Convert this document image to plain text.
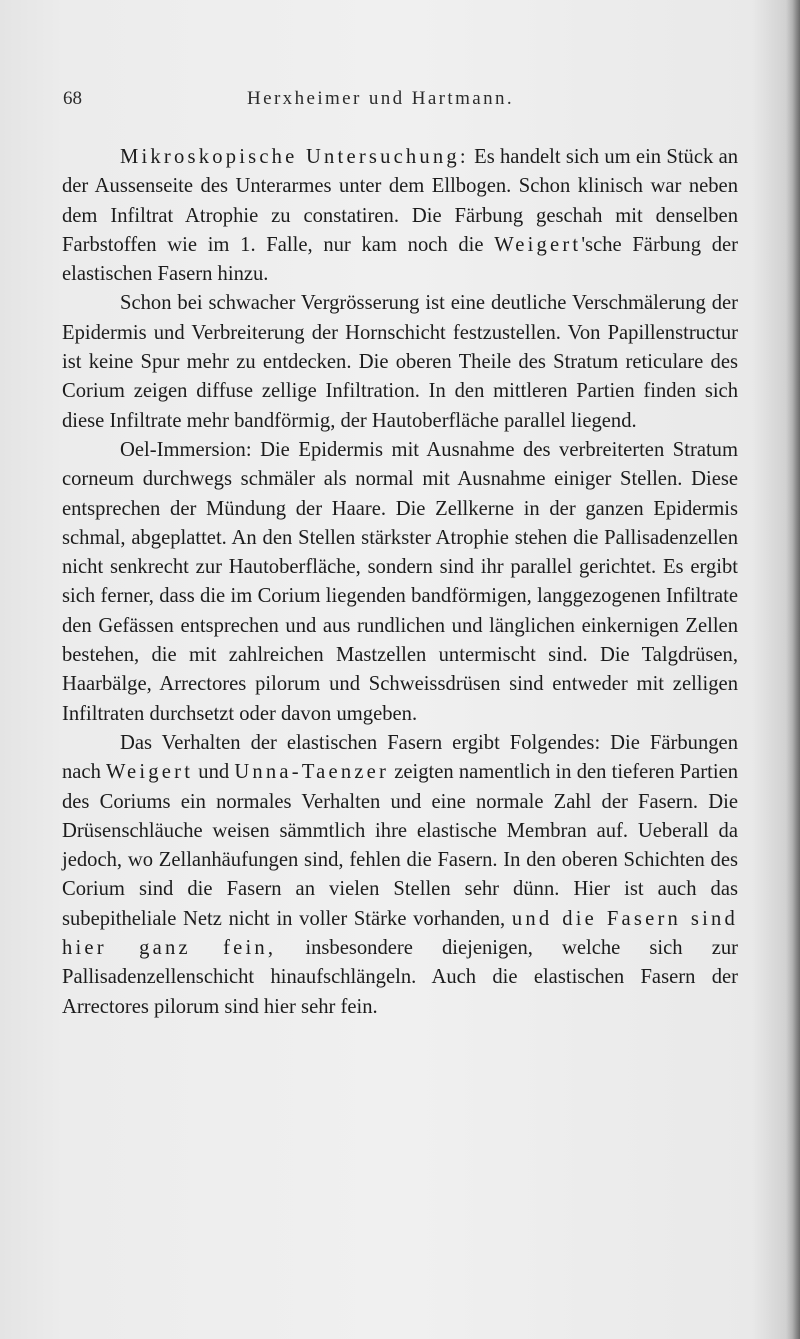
68	Herxheimer und Hartmann.

Mikroskopische Untersuchung: Es handelt sich um ein Stück an der Aussenseite des Unterarmes unter dem Ellbogen. Schon klinisch war neben dem Infiltrat Atrophie zu constatiren. Die Färbung geschah mit denselben Farbstoffen wie im 1. Falle, nur kam noch die Weigert'sche Färbung der elastischen Fasern hinzu.

Schon bei schwacher Vergrösserung ist eine deutliche Verschmälerung der Epidermis und Verbreiterung der Hornschicht festzustellen. Von Papillenstructur ist keine Spur mehr zu entdecken. Die oberen Theile des Stratum reticulare des Corium zeigen diffuse zellige Infiltration. In den mittleren Partien finden sich diese Infiltrate mehr bandförmig, der Hautoberfläche parallel liegend.

Oel-Immersion: Die Epidermis mit Ausnahme des verbreiterten Stratum corneum durchwegs schmäler als normal mit Ausnahme einiger Stellen. Diese entsprechen der Mündung der Haare. Die Zellkerne in der ganzen Epidermis schmal, abgeplattet. An den Stellen stärkster Atrophie stehen die Pallisadenzellen nicht senkrecht zur Hautoberfläche, sondern sind ihr parallel gerichtet. Es ergibt sich ferner, dass die im Corium liegenden bandförmigen, langgezogenen Infiltrate den Gefässen entsprechen und aus rundlichen und länglichen einkernigen Zellen bestehen, die mit zahlreichen Mastzellen untermischt sind. Die Talgdrüsen, Haarbälge, Arrectores pilorum und Schweissdrüsen sind entweder mit zelligen Infiltraten durchsetzt oder davon umgeben.

Das Verhalten der elastischen Fasern ergibt Folgendes: Die Färbungen nach Weigert und Unna-Taenzer zeigten namentlich in den tieferen Partien des Coriums ein normales Verhalten und eine normale Zahl der Fasern. Die Drüsenschläuche weisen sämmtlich ihre elastische Membran auf. Ueberall da jedoch, wo Zellanhäufungen sind, fehlen die Fasern. In den oberen Schichten des Corium sind die Fasern an vielen Stellen sehr dünn. Hier ist auch das subepitheliale Netz nicht in voller Stärke vorhanden, und die Fasern sind hier ganz fein, insbesondere diejenigen, welche sich zur Pallisadenzellenschicht hinaufschlängeln. Auch die elastischen Fasern der Arrectores pilorum sind hier sehr fein.
